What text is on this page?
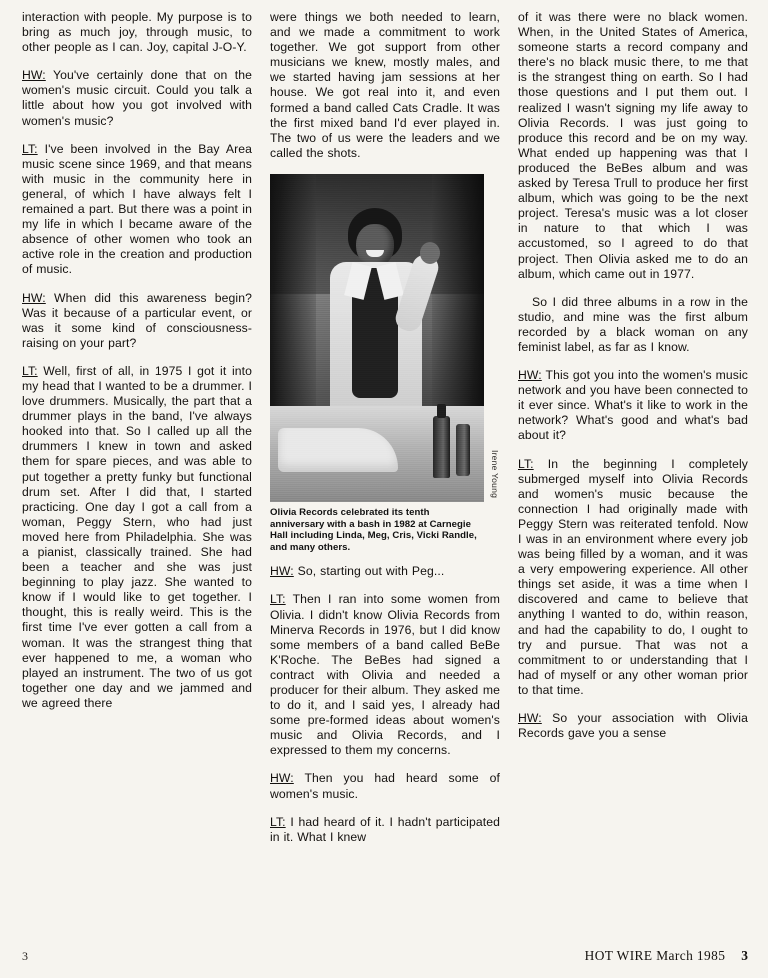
interaction with people. My purpose is to bring as much joy, through music, to other people as I can. Joy, capital J-O-Y.

HW: You've certainly done that on the women's music circuit. Could you talk a little about how you got involved with women's music?

LT: I've been involved in the Bay Area music scene since 1969, and that means with music in the community here in general, of which I have always felt I remained a part. But there was a point in my life in which I became aware of the absence of other women who took an active role in the creation and production of music.

HW: When did this awareness begin? Was it because of a particular event, or was it some kind of consciousness-raising on your part?

LT: Well, first of all, in 1975 I got it into my head that I wanted to be a drummer. I love drummers. Musically, the part that a drummer plays in the band, I've always hooked into that. So I called up all the drummers I knew in town and asked them for spare pieces, and was able to put together a pretty funky but functional drum set. After I did that, I started practicing. One day I got a call from a woman, Peggy Stern, who had just moved here from Philadelphia. She was a pianist, classically trained. She had been a teacher and she was just beginning to play jazz. She wanted to know if I would like to get together. I thought, this is really weird. This is the first time I've ever gotten a call from a woman. It was the strangest thing that ever happened to me, a woman who played an instrument. The two of us got together one day and we jammed and we agreed there

were things we both needed to learn, and we made a commitment to work together. We got support from other musicians we knew, mostly males, and we started having jam sessions at her house. We got real into it, and even formed a band called Cats Cradle. It was the first mixed band I'd ever played in. The two of us were the leaders and we called the shots.

Irene Young
Olivia Records celebrated its tenth anniversary with a bash in 1982 at Carnegie Hall including Linda, Meg, Cris, Vicki Randle, and many others.

HW: So, starting out with Peg...

LT: Then I ran into some women from Olivia. I didn't know Olivia Records from Minerva Records in 1976, but I did know some members of a band called BeBe K'Roche. The BeBes had signed a contract with Olivia and needed a producer for their album. They asked me to do it, and I said yes, I already had some pre-formed ideas about women's music and Olivia Records, and I expressed to them my concerns.

HW: Then you had heard some of women's music.

LT: I had heard of it. I hadn't participated in it. What I knew

of it was there were no black women. When, in the United States of America, someone starts a record company and there's no black music there, to me that is the strangest thing on earth. So I had those questions and I put them out. I realized I wasn't signing my life away to Olivia Records. I was just going to produce this record and be on my way. What ended up happening was that I produced the BeBes album and was asked by Teresa Trull to produce her first album, which was going to be the next project. Teresa's music was a lot closer in nature to that which I was accustomed, so I agreed to do that project. Then Olivia asked me to do an album, which came out in 1977.

So I did three albums in a row in the studio, and mine was the first album recorded by a black woman on any feminist label, as far as I know.

HW: This got you into the women's music network and you have been connected to it ever since. What's it like to work in the network? What's good and what's bad about it?

LT: In the beginning I completely submerged myself into Olivia Records and women's music because the connection I had originally made with Peggy Stern was reiterated tenfold. Now I was in an environment where every job was being filled by a woman, and it was a very empowering experience. All other things set aside, it was a time when I discovered and came to believe that anything I wanted to do, within reason, and had the capability to do, I ought to try and pursue. That was not a commitment to or understanding that I had of myself or any other woman prior to that time.

HW: So your association with Olivia Records gave you a sense

3	HOT WIRE March 1985 3
